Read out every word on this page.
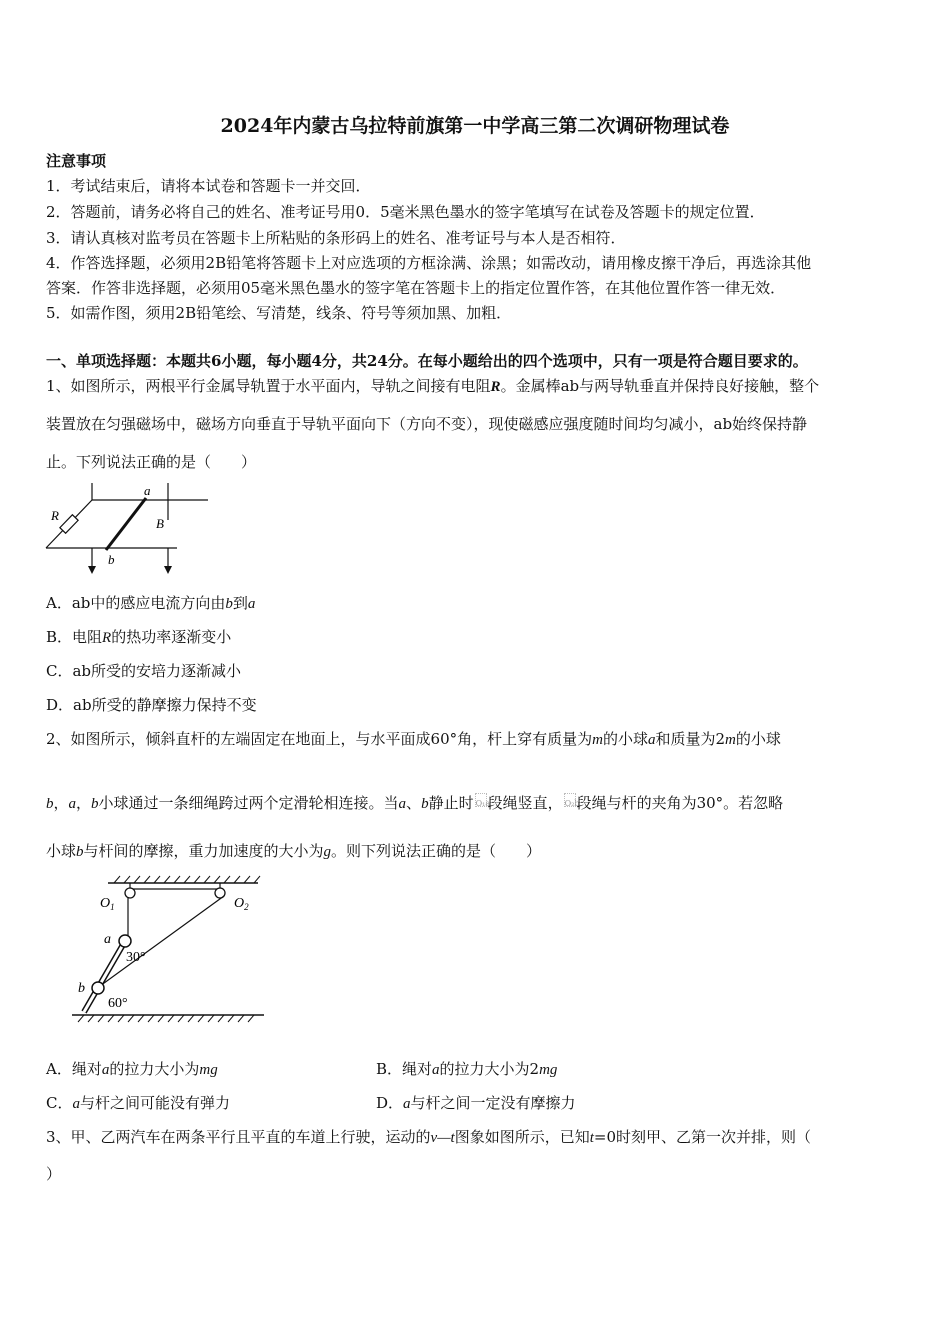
2024年内蒙古乌拉特前旗第一中学高三第二次调研物理试卷
注意事项
1．考试结束后，请将本试卷和答题卡一并交回．
2．答题前，请务必将自己的姓名、准考证号用0．5毫米黑色墨水的签字笔填写在试卷及答题卡的规定位置．
3．请认真核对监考员在答题卡上所粘贴的条形码上的姓名、准考证号与本人是否相符．
4．作答选择题，必须用2B铅笔将答题卡上对应选项的方框涂满、涂黑；如需改动，请用橡皮擦干净后，再选涂其他
答案．作答非选择题，必须用05毫米黑色墨水的签字笔在答题卡上的指定位置作答，在其他位置作答一律无效．
5．如需作图，须用2B铅笔绘、写清楚，线条、符号等须加黑、加粗．
一、单项选择题：本题共6小题，每小题4分，共24分。在每小题给出的四个选项中，只有一项是符合题目要求的。
1、如图所示，两根平行金属导轨置于水平面内，导轨之间接有电阻R。金属棒ab与两导轨垂直并保持良好接触，整个
装置放在匀强磁场中，磁场方向垂直于导轨平面向下（方向不变），现使磁感应强度随时间均匀减小，ab始终保持静
止。下列说法正确的是（　　）
R
a
b
B
A．ab中的感应电流方向由b到a
B．电阻R的热功率逐渐变小
C．ab所受的安培力逐渐减小
D．ab所受的静摩擦力保持不变
2、如图所示，倾斜直杆的左端固定在地面上，与水平面成60°角，杆上穿有质量为m的小球a和质量为2m的小球
b，a，b小球通过一条细绳跨过两个定滑轮相连接。当a、b静止时 O₁a段绳竖直， O₂b段绳与杆的夹角为30°。若忽略
小球b与杆间的摩擦，重力加速度的大小为g。则下列说法正确的是（　　）
$O_1$	$O_2$
a
b
30°
60°
A．绳对a的拉力大小为mg	B．绳对a的拉力大小为2mg
C．a与杆之间可能没有弹力	D．a与杆之间一定没有摩擦力
3、甲、乙两汽车在两条平行且平直的车道上行驶，运动的v—t图象如图所示，已知t=0时刻甲、乙第一次并排，则（
）
